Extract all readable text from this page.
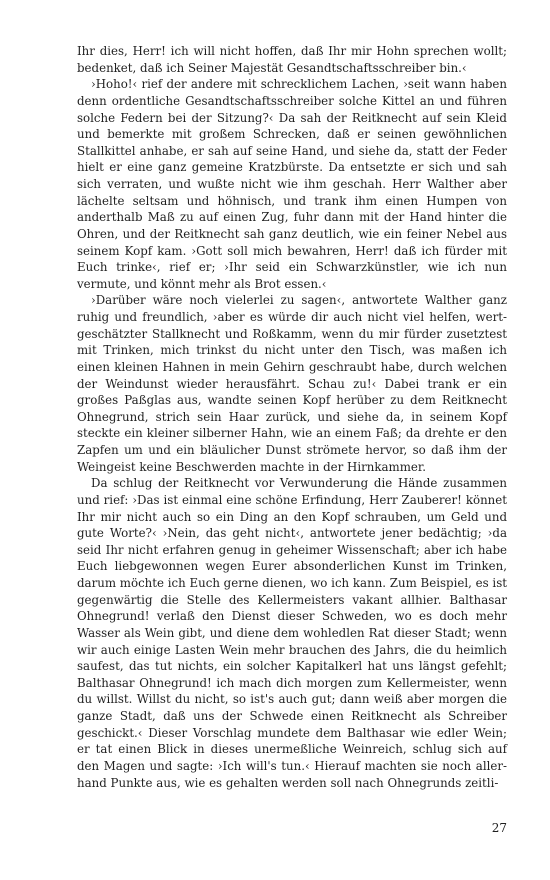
Ihr dies, Herr! ich will nicht hoffen, daß Ihr mir Hohn sprechen wollt; bedenket, daß ich Seiner Majestät Gesandtschaftsschreiber bin.‹

›Hoho!‹ rief der andere mit schrecklichem Lachen, ›seit wann haben denn ordentliche Gesandtschaftsschreiber solche Kittel an und führen solche Federn bei der Sitzung?‹ Da sah der Reitknecht auf sein Kleid und bemerkte mit großem Schrecken, daß er seinen gewöhnlichen Stallkittel anhabe, er sah auf seine Hand, und siehe da, statt der Feder hielt er eine ganz gemeine Kratzbürste. Da entsetzte er sich und sah sich verraten, und wußte nicht wie ihm geschah. Herr Walther aber lächelte seltsam und höhnisch, und trank ihm einen Humpen von anderthalb Maß zu auf einen Zug, fuhr dann mit der Hand hinter die Ohren, und der Reitknecht sah ganz deutlich, wie ein feiner Nebel aus seinem Kopf kam. ›Gott soll mich bewahren, Herr! daß ich fürder mit Euch trinke‹, rief er; ›Ihr seid ein Schwarzkünstler, wie ich nun vermute, und könnt mehr als Brot essen.‹

›Darüber wäre noch vielerlei zu sagen‹, antwortete Walther ganz ruhig und freundlich, ›aber es würde dir auch nicht viel helfen, wertgeschätzter Stallknecht und Roßkamm, wenn du mir fürder zusetztest mit Trinken, mich trinkst du nicht unter den Tisch, was maßen ich einen kleinen Hahnen in mein Gehirn geschraubt habe, durch welchen der Weindunst wieder herausfährt. Schau zu!‹ Dabei trank er ein großes Paßglas aus, wandte seinen Kopf herüber zu dem Reitknecht Ohnegrund, strich sein Haar zurück, und siehe da, in seinem Kopf steckte ein kleiner silberner Hahn, wie an einem Faß; da drehte er den Zapfen um und ein bläulicher Dunst strömete hervor, so daß ihm der Weingeist keine Beschwerden machte in der Hirnkammer.

Da schlug der Reitknecht vor Verwunderung die Hände zusammen und rief: ›Das ist einmal eine schöne Erfindung, Herr Zauberer! könnet Ihr mir nicht auch so ein Ding an den Kopf schrauben, um Geld und gute Worte?‹ ›Nein, das geht nicht‹, antwortete jener bedächtig; ›da seid Ihr nicht erfahren genug in geheimer Wissenschaft; aber ich habe Euch liebgewonnen wegen Eurer absonderlichen Kunst im Trinken, darum möchte ich Euch gerne dienen, wo ich kann. Zum Beispiel, es ist gegenwärtig die Stelle des Kellermeisters vakant allhier. Balthasar Ohnegrund! verlaß den Dienst dieser Schweden, wo es doch mehr Wasser als Wein gibt, und diene dem wohledlen Rat dieser Stadt; wenn wir auch einige Lasten Wein mehr brauchen des Jahrs, die du heimlich saufest, das tut nichts, ein solcher Kapitalkerl hat uns längst gefehlt; Balthasar Ohnegrund! ich mach dich morgen zum Kellermeister, wenn du willst. Willst du nicht, so ist's auch gut; dann weiß aber morgen die ganze Stadt, daß uns der Schwede einen Reitknecht als Schreiber geschickt.‹ Dieser Vorschlag mundete dem Balthasar wie edler Wein; er tat einen Blick in dieses unermeßliche Weinreich, schlug sich auf den Magen und sagte: ›Ich will's tun.‹ Hierauf machten sie noch allerhand Punkte aus, wie es gehalten werden soll nach Ohnegrunds zeitli-

27
